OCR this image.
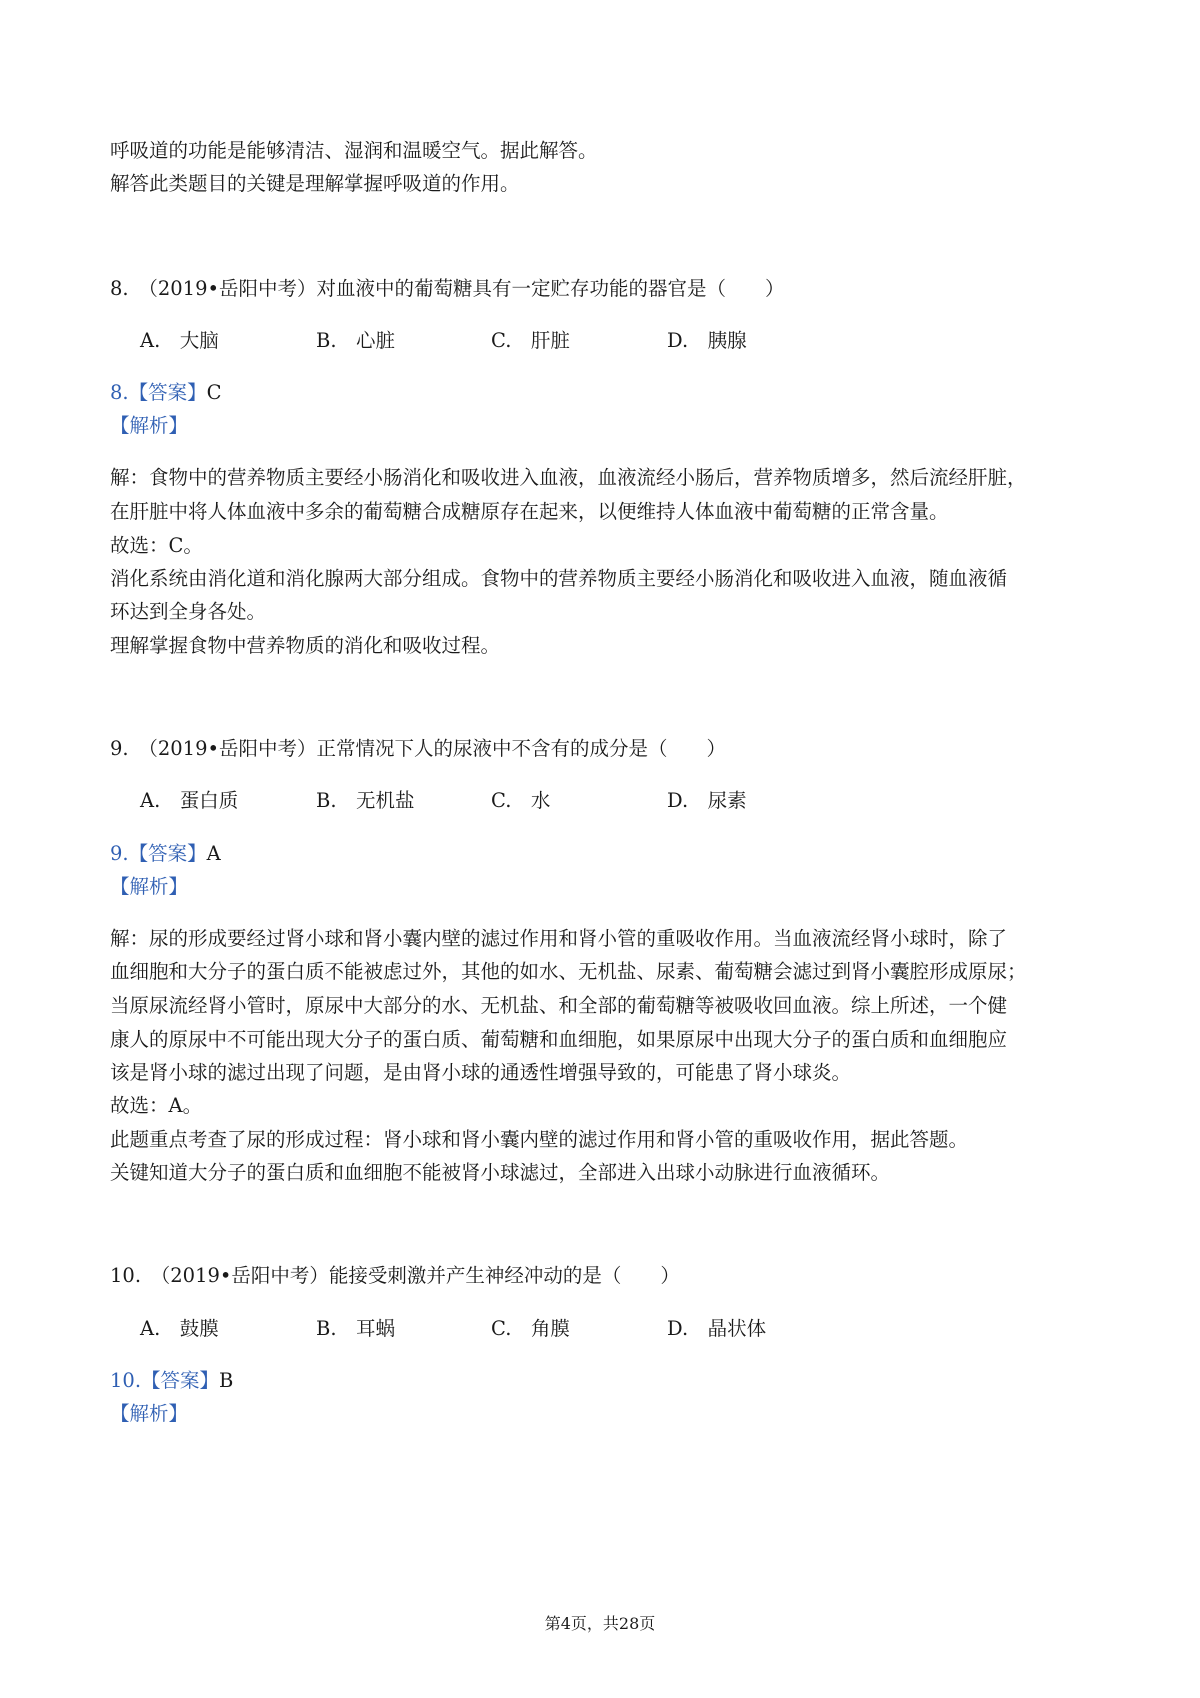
呼吸道的功能是能够清洁、湿润和温暖空气。据此解答。
解答此类题目的关键是理解掌握呼吸道的作用。
8.　（2019•岳阳中考）对血液中的葡萄糖具有一定贮存功能的器官是（　　）
A.　大脑	B.　心脏	C.　肝脏	D.　胰腺
8.【答案】C
【解析】
解：食物中的营养物质主要经小肠消化和吸收进入血液，血液流经小肠后，营养物质增多，然后流经肝脏，
在肝脏中将人体血液中多余的葡萄糖合成糖原存在起来，以便维持人体血液中葡萄糖的正常含量。
故选：C。
消化系统由消化道和消化腺两大部分组成。食物中的营养物质主要经小肠消化和吸收进入血液，随血液循
环达到全身各处。
理解掌握食物中营养物质的消化和吸收过程。
9.　（2019•岳阳中考）正常情况下人的尿液中不含有的成分是（　　）
A.　蛋白质	B.　无机盐	C.　水	D.　尿素
9.【答案】A
【解析】
解：尿的形成要经过肾小球和肾小囊内壁的滤过作用和肾小管的重吸收作用。当血液流经肾小球时，除了
血细胞和大分子的蛋白质不能被虑过外，其他的如水、无机盐、尿素、葡萄糖会滤过到肾小囊腔形成原尿；
当原尿流经肾小管时，原尿中大部分的水、无机盐、和全部的葡萄糖等被吸收回血液。综上所述，一个健
康人的原尿中不可能出现大分子的蛋白质、葡萄糖和血细胞，如果原尿中出现大分子的蛋白质和血细胞应
该是肾小球的滤过出现了问题，是由肾小球的通透性增强导致的，可能患了肾小球炎。
故选：A。
此题重点考查了尿的形成过程：肾小球和肾小囊内壁的滤过作用和肾小管的重吸收作用，据此答题。
关键知道大分子的蛋白质和血细胞不能被肾小球滤过，全部进入出球小动脉进行血液循环。
10.　（2019•岳阳中考）能接受刺激并产生神经冲动的是（　　）
A.　鼓膜	B.　耳蜗	C.　角膜	D.　晶状体
10.【答案】B
【解析】
第4页，共28页
